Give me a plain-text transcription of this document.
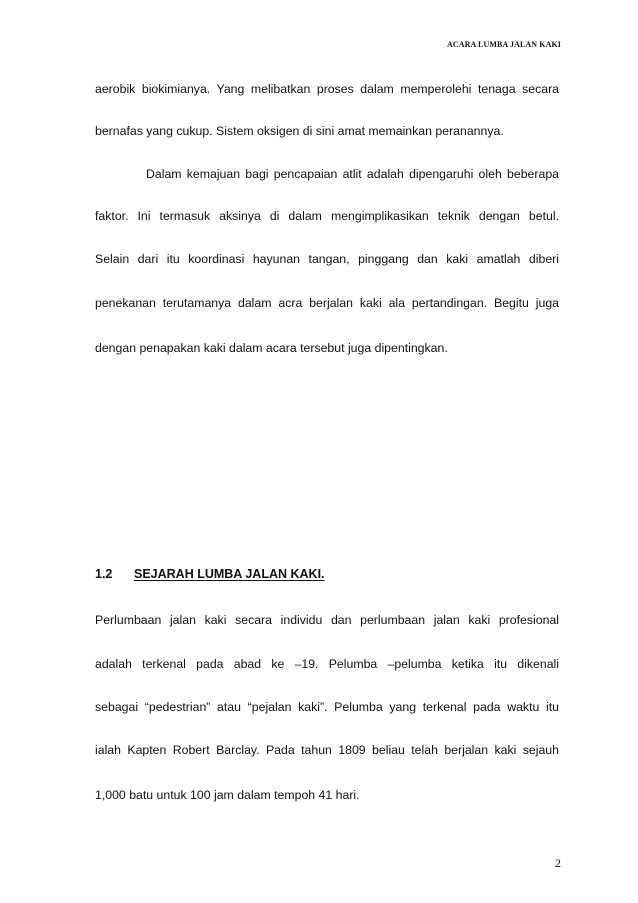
ACARA LUMBA JALAN KAKI
aerobik biokimianya. Yang melibatkan proses dalam memperolehi tenaga secara
bernafas yang cukup. Sistem oksigen di sini amat memainkan peranannya.
Dalam kemajuan bagi pencapaian atlit adalah dipengaruhi oleh beberapa
faktor. Ini termasuk aksinya di dalam mengimplikasikan teknik dengan betul.
Selain dari itu koordinasi hayunan tangan, pinggang dan kaki amatlah diberi
penekanan terutamanya dalam acra berjalan kaki ala pertandingan. Begitu juga
dengan penapakan kaki dalam acara tersebut juga dipentingkan.
1.2 SEJARAH LUMBA JALAN KAKI.
Perlumbaan jalan kaki secara individu dan perlumbaan jalan kaki profesional
adalah terkenal pada abad ke –19. Pelumba –pelumba ketika itu dikenali
sebagai “pedestrian” atau “pejalan kaki”. Pelumba yang terkenal pada waktu itu
ialah Kapten Robert Barclay. Pada tahun 1809 beliau telah berjalan kaki sejauh
1,000 batu untuk 100 jam dalam tempoh 41 hari.
2
